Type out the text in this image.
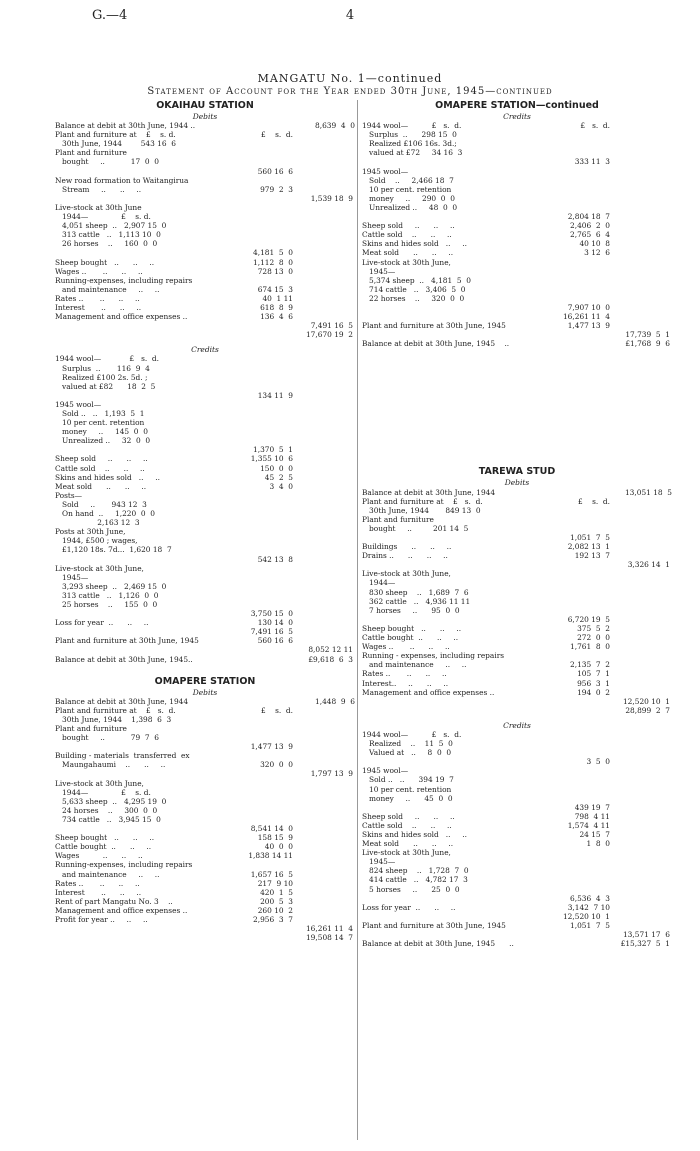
G.—4	4
MANGATU No. 1—continued
Statement of Account for the Year ended 30th June, 1945—continued
OKAIHAU STATION
Debits
Balance at debit at 30th June, 1944 ..	8,639  4  0
Plant and furniture at    £    s. d.	£    s.  d.
30th June, 1944        543 16  6
Plant and furniture
bought     ..           17  0  0
560 16  6
New road formation to Waitangirua
Stream     ..      ..     ..	979  2  3
1,539 18  9
Live-stock at 30th June
1944—              £    s. d.
4,051 sheep  ..   2,907 15  0
313 cattle   ..   1,113 10  0
26 horses    ..     160  0  0
4,181  5  0
Sheep bought   ..      ..     ..	1,112  8  0
Wages ..       ..      ..     ..	728 13  0
Running-expenses, including repairs
and maintenance     ..     ..	674 15  3
Rates ..       ..      ..     ..	40  1 11
Interest       ..      ..     ..	618  8  9
Management and office expenses ..	136  4  6
7,491 16  5
17,670 19  2
Credits
1944 wool—            £   s.  d.
Surplus  ..       116  9  4
Realized £100 2s. 5d. ;
valued at £82      18  2  5
134 11  9
1945 wool—
Sold ..   ..   1,193  5  1
10 per cent. retention
money     ..     145  0  0
Unrealized ..     32  0  0
1,370  5  1
Sheep sold     ..      ..     ..	1,355 10  6
Cattle sold    ..      ..     ..	150  0  0
Skins and hides sold   ..     ..	45  2  5
Meat sold      ..      ..     ..	3  4  0
Posts—
Sold     ..       943 12  3
On hand  ..     1,220  0  0
2,163 12  3
Posts at 30th June,
1944, £500 ; wages,
£1,120 18s. 7d...  1,620 18  7
542 13  8
Live-stock at 30th June,
1945—
3,293 sheep  ..   2,469 15  0
313 cattle   ..   1,126  0  0
25 horses    ..     155  0  0
3,750 15  0
Loss for year  ..      ..     ..	130 14  0
7,491 16  5
Plant and furniture at 30th June, 1945	560 16  6
8,052 12 11
Balance at debit at 30th June, 1945..	£9,618  6  3
OMAPERE STATION
Debits
Balance at debit at 30th June, 1944	1,448  9  6
Plant and furniture at    £   s.  d.	£    s.  d.
30th June, 1944    1,398  6  3
Plant and furniture
bought     ..           79  7  6
1,477 13  9
Building - materials  transferred  ex
Maungahaumi    ..      ..     ..	320  0  0
1,797 13  9
Live-stock at 30th June,
1944—              £    s. d.
5,633 sheep  ..   4,295 19  0
24 horses    ..     300  0  0
734 cattle   ..   3,945 15  0
8,541 14  0
Sheep bought   ..      ..     ..	158 15  9
Cattle bought  ..      ..     ..	40  0  0
Wages          ..      ..     ..	1,838 14 11
Running-expenses, including repairs
and maintenance     ..     ..	1,657 16  5
Rates ..       ..      ..     ..	217  9 10
Interest       ..      ..     ..	420  1  5
Rent of part Mangatu No. 3    ..	200  5  3
Management and office expenses ..	260 10  2
Profit for year ..     ..     ..	2,956  3  7
16,261 11  4
19,508 14  7
OMAPERE STATION—continued
Credits
1944 wool—          £   s.  d.	£   s.  d.
Surplus  ..      298 15  0
Realized £106 16s. 3d.;
valued at £72     34 16  3
333 11  3
1945 wool—
Sold    ..     2,466 18  7
10 per cent. retention
money     ..     290  0  0
Unrealized ..     48  0  0
2,804 18  7
Sheep sold     ..      ..     ..	2,406  2  0
Cattle sold    ..      ..     ..	2,765  6  4
Skins and hides sold   ..     ..	40 10  8
Meat sold      ..      ..     ..	3 12  6
Live-stock at 30th June,
1945—
5,374 sheep  ..   4,181  5  0
714 cattle   ..   3,406  5  0
22 horses    ..     320  0  0
7,907 10  0
16,261 11  4
Plant and furniture at 30th June, 1945	1,477 13  9
17,739  5  1
Balance at debit at 30th June, 1945    ..	£1,768  9  6
TAREWA STUD
Debits
Balance at debit at 30th June, 1944	13,051 18  5
Plant and furniture at    £   s.  d.	£    s.  d.
30th June, 1944       849 13  0
Plant and furniture
bought     ..         201 14  5
1,051  7  5
Buildings      ..      ..     ..	2,082 13  1
Drains ..      ..      ..     ..	192 13  7
3,326 14  1
Live-stock at 30th June,
1944—
830 sheep    ..   1,689  7  6
362 cattle   ..   4,936 11 11
7 horses     ..      95  0  0
6,720 19  5
Sheep bought   ..      ..     ..	375  5  2
Cattle bought  ..      ..     ..	272  0  0
Wages ..       ..      ..     ..	1,761  8  0
Running - expenses, including repairs
and maintenance     ..     ..	2,135  7  2
Rates ..       ..      ..     ..	105  7  1
Interest..     ..      ..     ..	956  3  1
Management and office expenses ..	194  0  2
12,520 10  1
28,899  2  7
Credits
1944 wool—          £   s.  d.
Realized    ..    11  5  0
Valued at   ..     8  0  0
3  5  0
1945 wool—
Sold ..   ..      394 19  7
10 per cent. retention
money     ..      45  0  0
439 19  7
Sheep sold     ..      ..     ..	798  4 11
Cattle sold    ..      ..     ..	1,574  4 11
Skins and hides sold   ..     ..	24 15  7
Meat sold      ..      ..     ..	1  8  0
Live-stock at 30th June,
1945—
824 sheep    ..   1,728  7  0
414 cattle   ..   4,782 17  3
5 horses     ..      25  0  0
6,536  4  3
Loss for year  ..      ..     ..	3,142  7 10
12,520 10  1
Plant and furniture at 30th June, 1945	1,051  7  5
13,571 17  6
Balance at debit at 30th June, 1945      ..	£15,327  5  1
